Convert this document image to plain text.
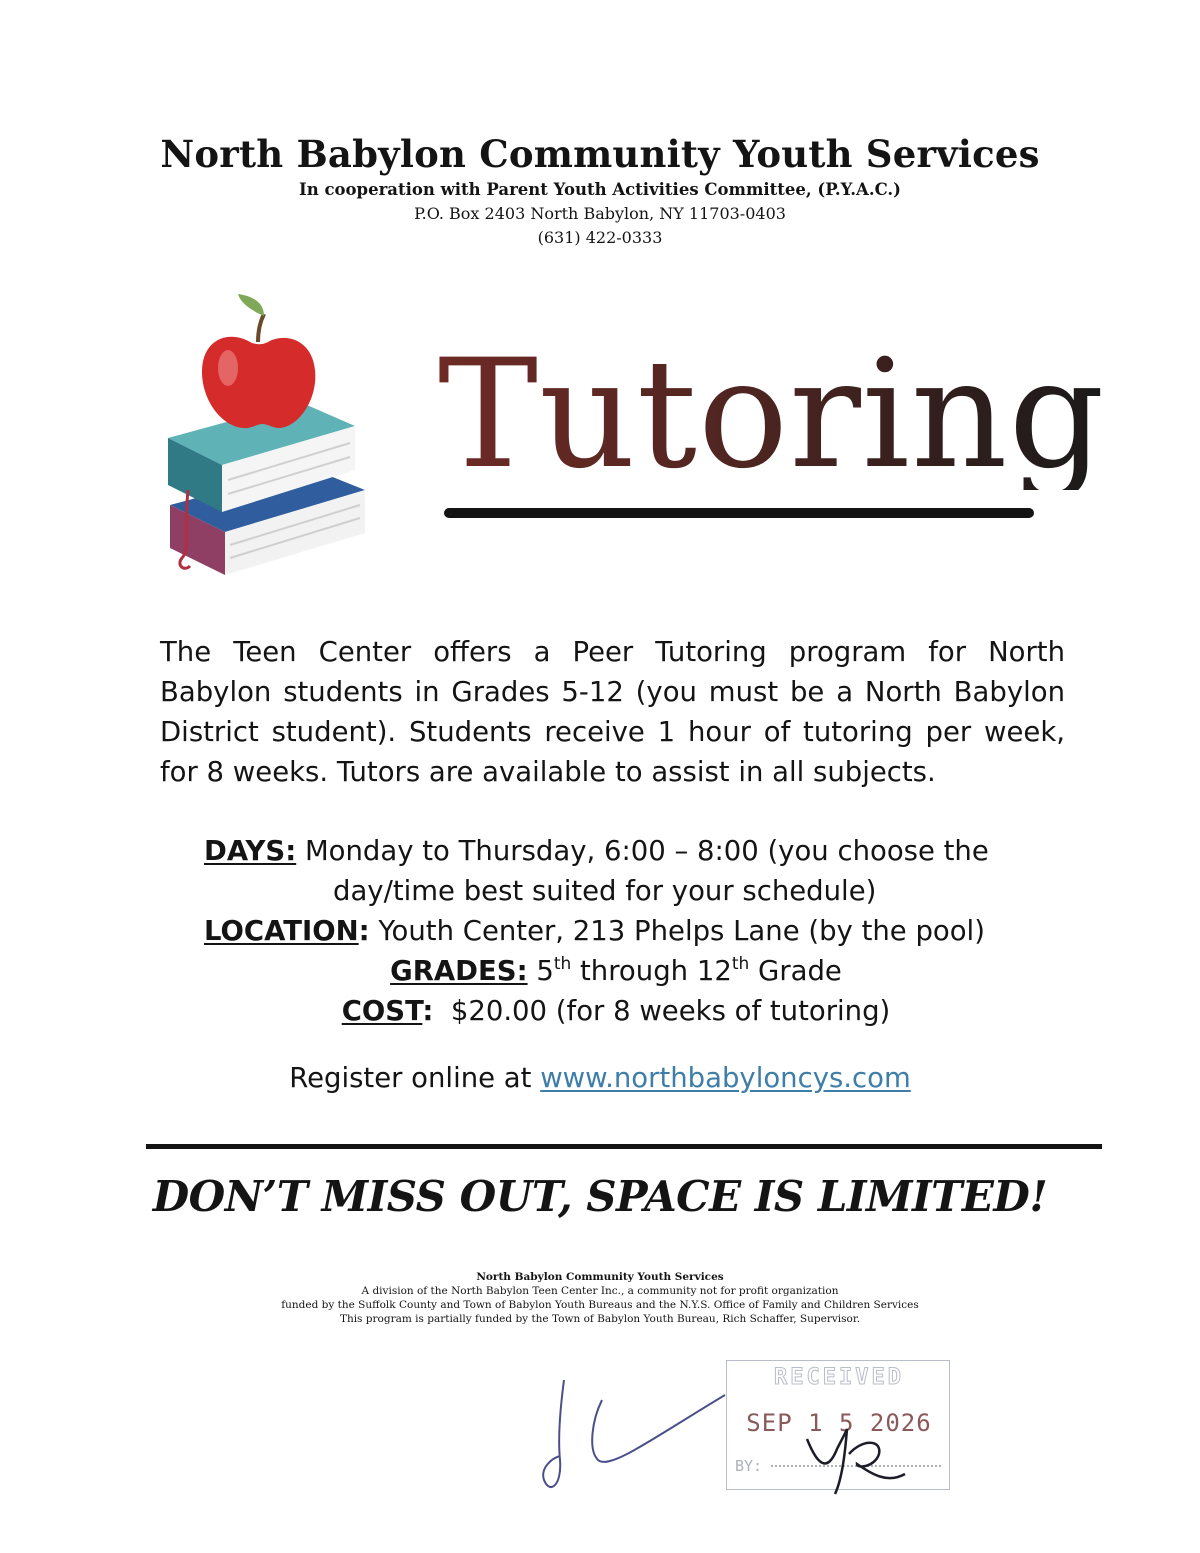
North Babylon Community Youth Services
In cooperation with Parent Youth Activities Committee, (P.Y.A.C.)
P.O. Box 2403 North Babylon, NY 11703-0403
(631) 422-0333
Tutoring
The Teen Center offers a Peer Tutoring program for North Babylon students in Grades 5-12 (you must be a North Babylon District student). Students receive 1 hour of tutoring per week, for 8 weeks. Tutors are available to assist in all subjects.
DAYS: Monday to Thursday, 6:00 – 8:00 (you choose the
day/time best suited for your schedule)
LOCATION: Youth Center, 213 Phelps Lane (by the pool)
GRADES: 5th through 12th Grade
COST: $20.00 (for 8 weeks of tutoring)
Register online at www.northbabyloncys.com
DON’T MISS OUT, SPACE IS LIMITED!
North Babylon Community Youth Services
A division of the North Babylon Teen Center Inc., a community not for profit organization
funded by the Suffolk County and Town of Babylon Youth Bureaus and the N.Y.S. Office of Family and Children Services
This program is partially funded by the Town of Babylon Youth Bureau, Rich Schaffer, Supervisor.
RECEIVED
SEP 1 5 2026
BY:
